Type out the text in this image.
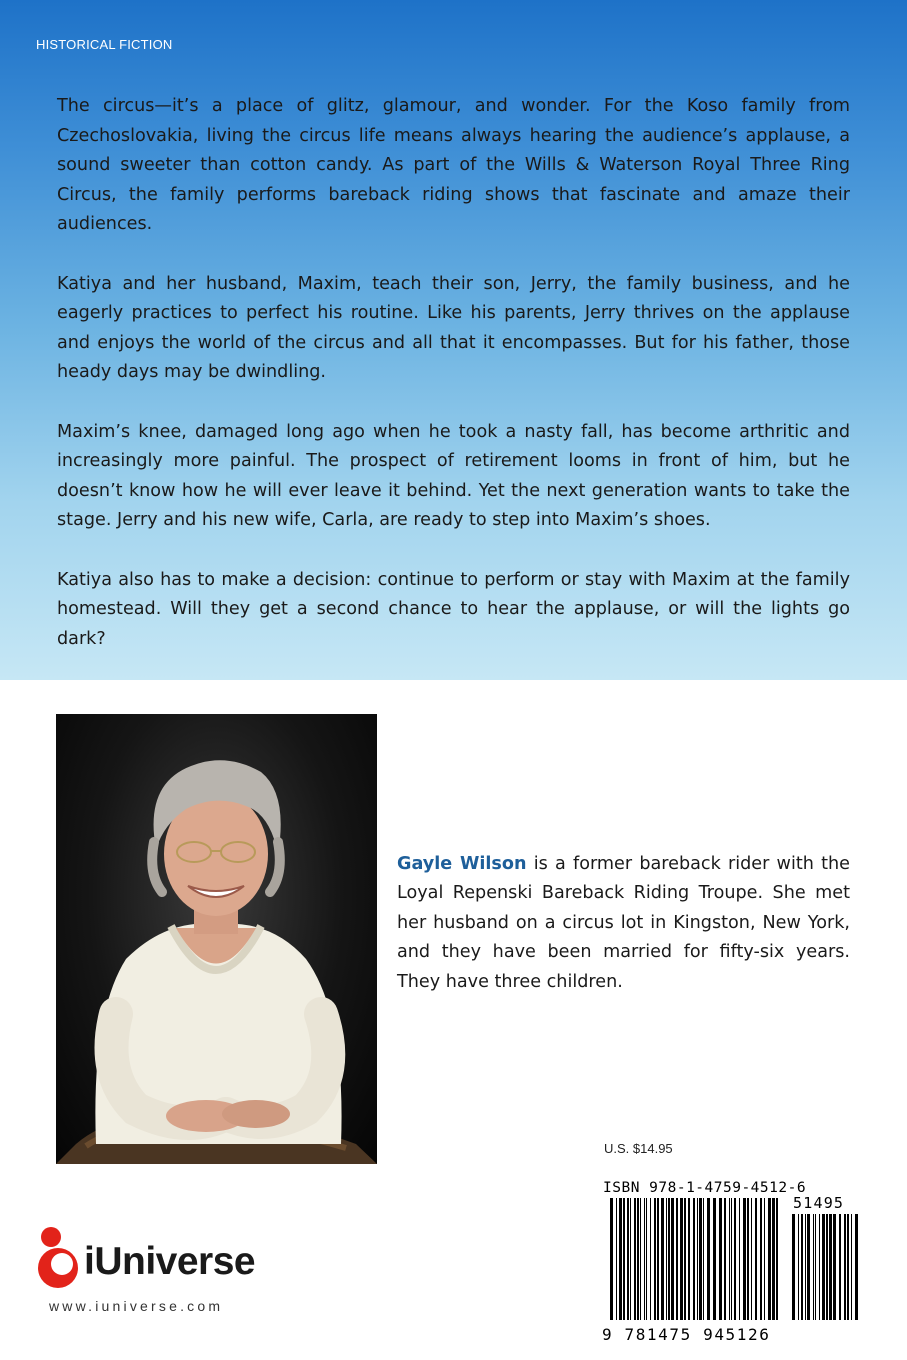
HISTORICAL FICTION

The circus—it’s a place of glitz, glamour, and wonder. For the Koso family from Czechoslovakia, living the circus life means always hearing the audience’s applause, a sound sweeter than cotton candy. As part of the Wills & Waterson Royal Three Ring Circus, the family performs bareback riding shows that fascinate and amaze their audiences.

Katiya and her husband, Maxim, teach their son, Jerry, the family business, and he eagerly practices to perfect his routine. Like his parents, Jerry thrives on the applause and enjoys the world of the circus and all that it encompasses. But for his father, those heady days may be dwindling.

Maxim’s knee, damaged long ago when he took a nasty fall, has become arthritic and increasingly more painful. The prospect of retirement looms in front of him, but he doesn’t know how he will ever leave it behind. Yet the next generation wants to take the stage. Jerry and his new wife, Carla, are ready to step into Maxim’s shoes.

Katiya also has to make a decision: continue to perform or stay with Maxim at the family homestead. Will they get a second chance to hear the applause, or will the lights go dark?

Gayle Wilson is a former bareback rider with the Loyal Repenski Bareback Riding Troupe. She met her husband on a circus lot in Kingston, New York, and they have been married for fifty-six years. They have three children.
U.S. $14.95
ISBN 978-1-4759-4512-6
51495
9 781475 945126
iUniverse
www.iuniverse.com
